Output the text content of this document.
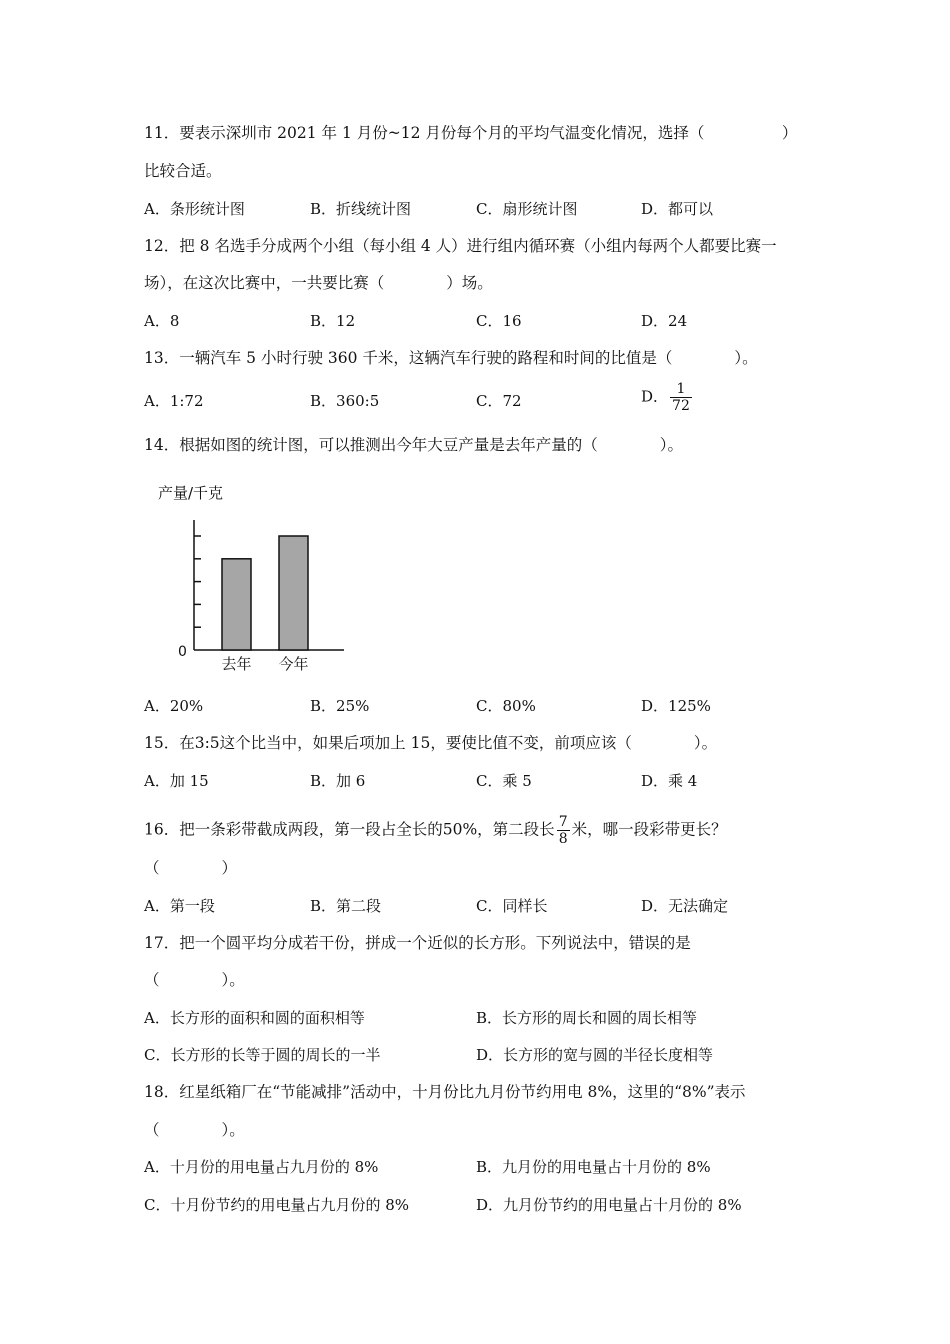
11．要表示深圳市 2021 年 1 月份~12 月份每个月的平均气温变化情况，选择（　　　　　）
比较合适。
A．条形统计图	B．折线统计图	C．扇形统计图	D．都可以
12．把 8 名选手分成两个小组（每小组 4 人）进行组内循环赛（小组内每两个人都要比赛一
场），在这次比赛中，一共要比赛（　　　　）场。
A．8	B．12	C．16	D．24
13．一辆汽车 5 小时行驶 360 千米，这辆汽车行驶的路程和时间的比值是（　　　　）。
A．1:72	B．360:5	C．72	D． $\frac{1}{72}$
14．根据如图的统计图，可以推测出今年大豆产量是去年产量的（　　　　）。
产量/千克
去年 今年
0
A．20%	B．25%	C．80%	D．125%
15．在3:5这个比当中，如果后项加上 15，要使比值不变，前项应该（　　　　）。
A．加 15	B．加 6	C．乘 5	D．乘 4
16．把一条彩带截成两段，第一段占全长的50%，第二段长 $\frac{7}{8}$ 米，哪一段彩带更长？
（　　　　）
A．第一段	B．第二段	C．同样长	D．无法确定
17．把一个圆平均分成若干份，拼成一个近似的长方形。下列说法中，错误的是
（　　　　）。
A．长方形的面积和圆的面积相等	B．长方形的周长和圆的周长相等
C．长方形的长等于圆的周长的一半	D．长方形的宽与圆的半径长度相等
18．红星纸箱厂在“节能减排”活动中，十月份比九月份节约用电 8%，这里的“8%”表示
（　　　　）。
A．十月份的用电量占九月份的 8%	B．九月份的用电量占十月份的 8%
C．十月份节约的用电量占九月份的 8%	D．九月份节约的用电量占十月份的 8%
